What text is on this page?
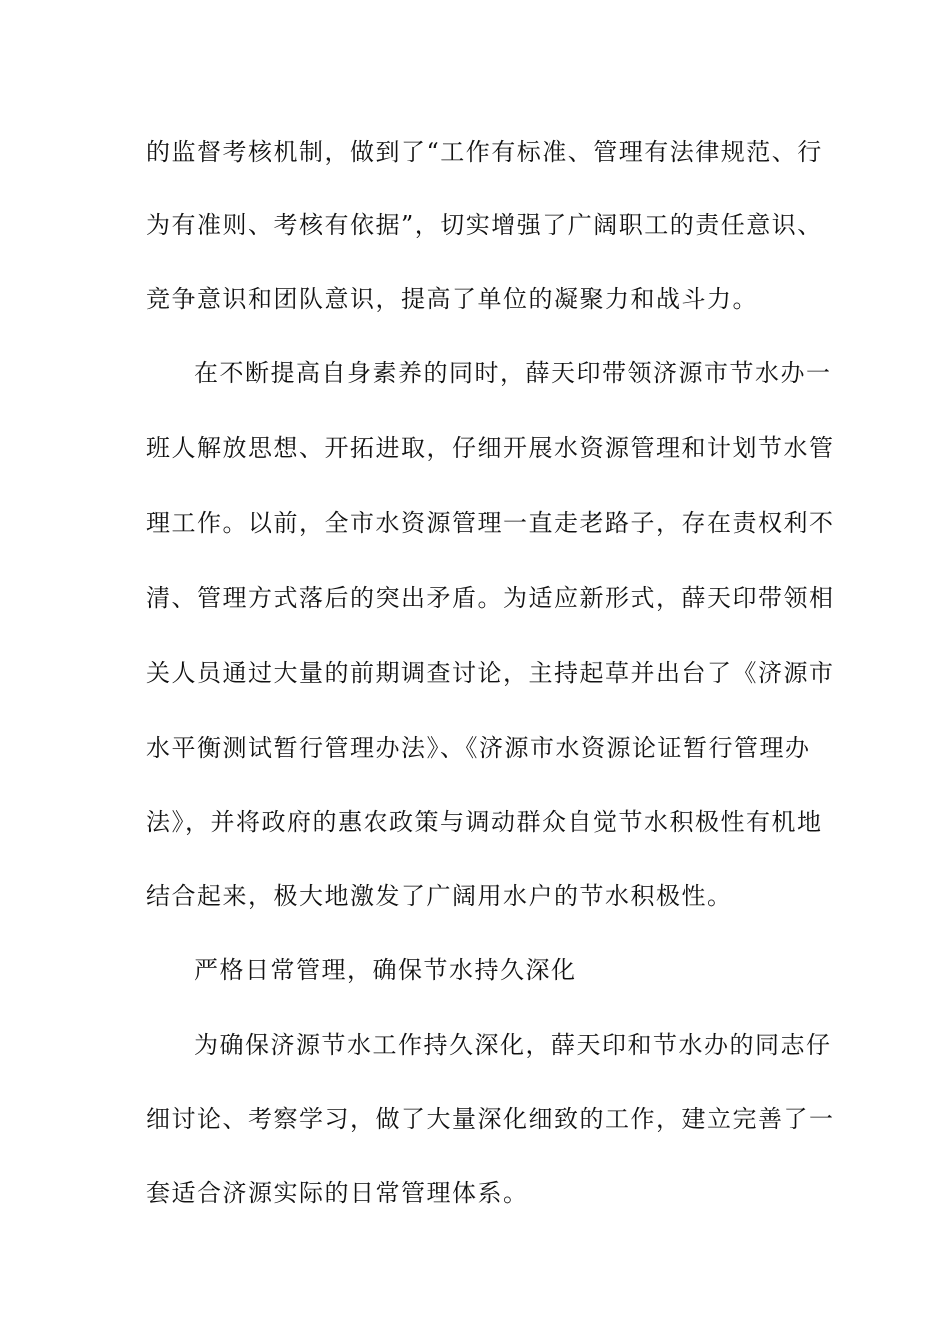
的监督考核机制，做到了“工作有标准、管理有法律规范、行
为有准则、考核有依据”，切实增强了广阔职工的责任意识、
竞争意识和团队意识，提高了单位的凝聚力和战斗力。
在不断提高自身素养的同时，薛天印带领济源市节水办一
班人解放思想、开拓进取，仔细开展水资源管理和计划节水管
理工作。以前，全市水资源管理一直走老路子，存在责权利不
清、管理方式落后的突出矛盾。为适应新形式，薛天印带领相
关人员通过大量的前期调查讨论，主持起草并出台了《济源市
水平衡测试暂行管理办法》、《济源市水资源论证暂行管理办
法》，并将政府的惠农政策与调动群众自觉节水积极性有机地
结合起来，极大地激发了广阔用水户的节水积极性。
严格日常管理，确保节水持久深化
为确保济源节水工作持久深化，薛天印和节水办的同志仔
细讨论、考察学习，做了大量深化细致的工作，建立完善了一
套适合济源实际的日常管理体系。
